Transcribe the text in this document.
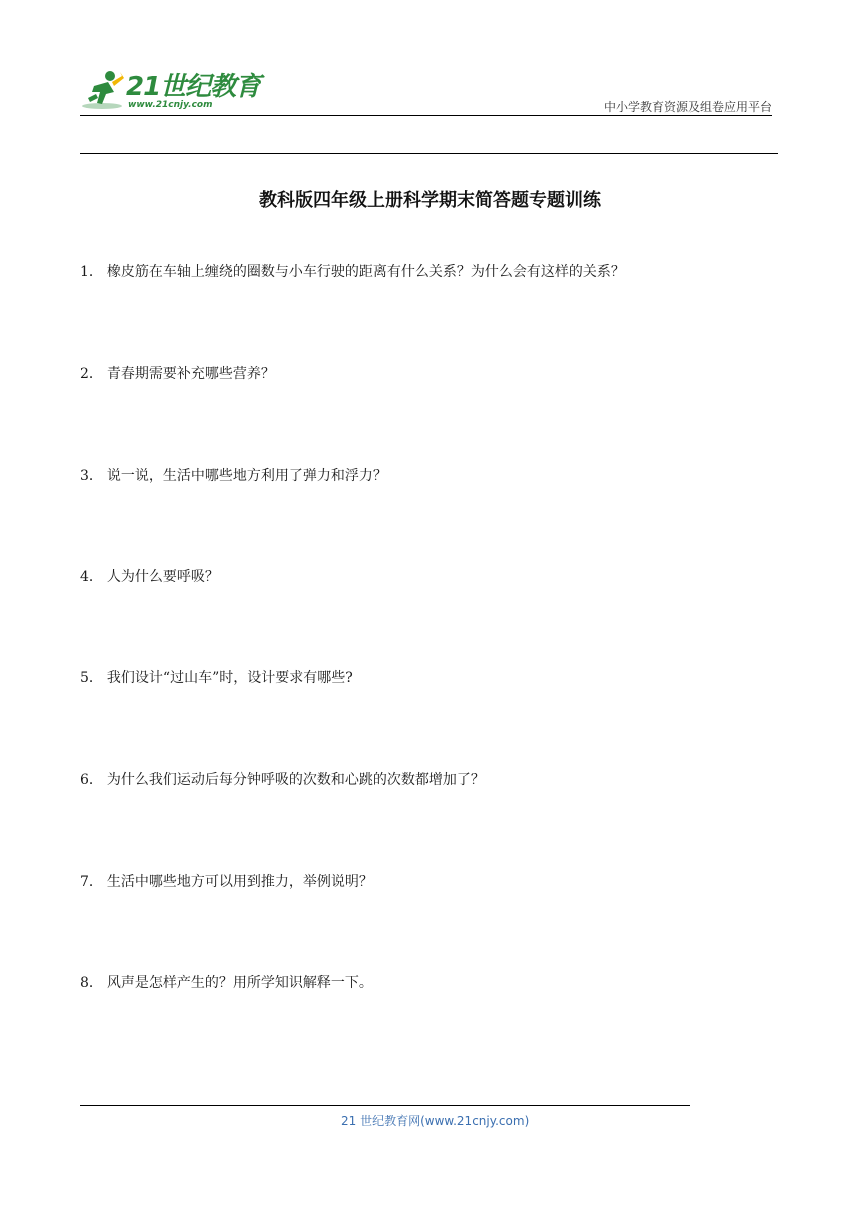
21世纪教育
www.21cnjy.com	中小学教育资源及组卷应用平台
教科版四年级上册科学期末简答题专题训练
1． 橡皮筋在车轴上缠绕的圈数与小车行驶的距离有什么关系？为什么会有这样的关系？
2． 青春期需要补充哪些营养？
3． 说一说，生活中哪些地方利用了弹力和浮力？
4． 人为什么要呼吸？
5． 我们设计“过山车”时，设计要求有哪些?
6． 为什么我们运动后每分钟呼吸的次数和心跳的次数都增加了？
7． 生活中哪些地方可以用到推力，举例说明？
8． 风声是怎样产生的？用所学知识解释一下。
21 世纪教育网(www.21cnjy.com)
